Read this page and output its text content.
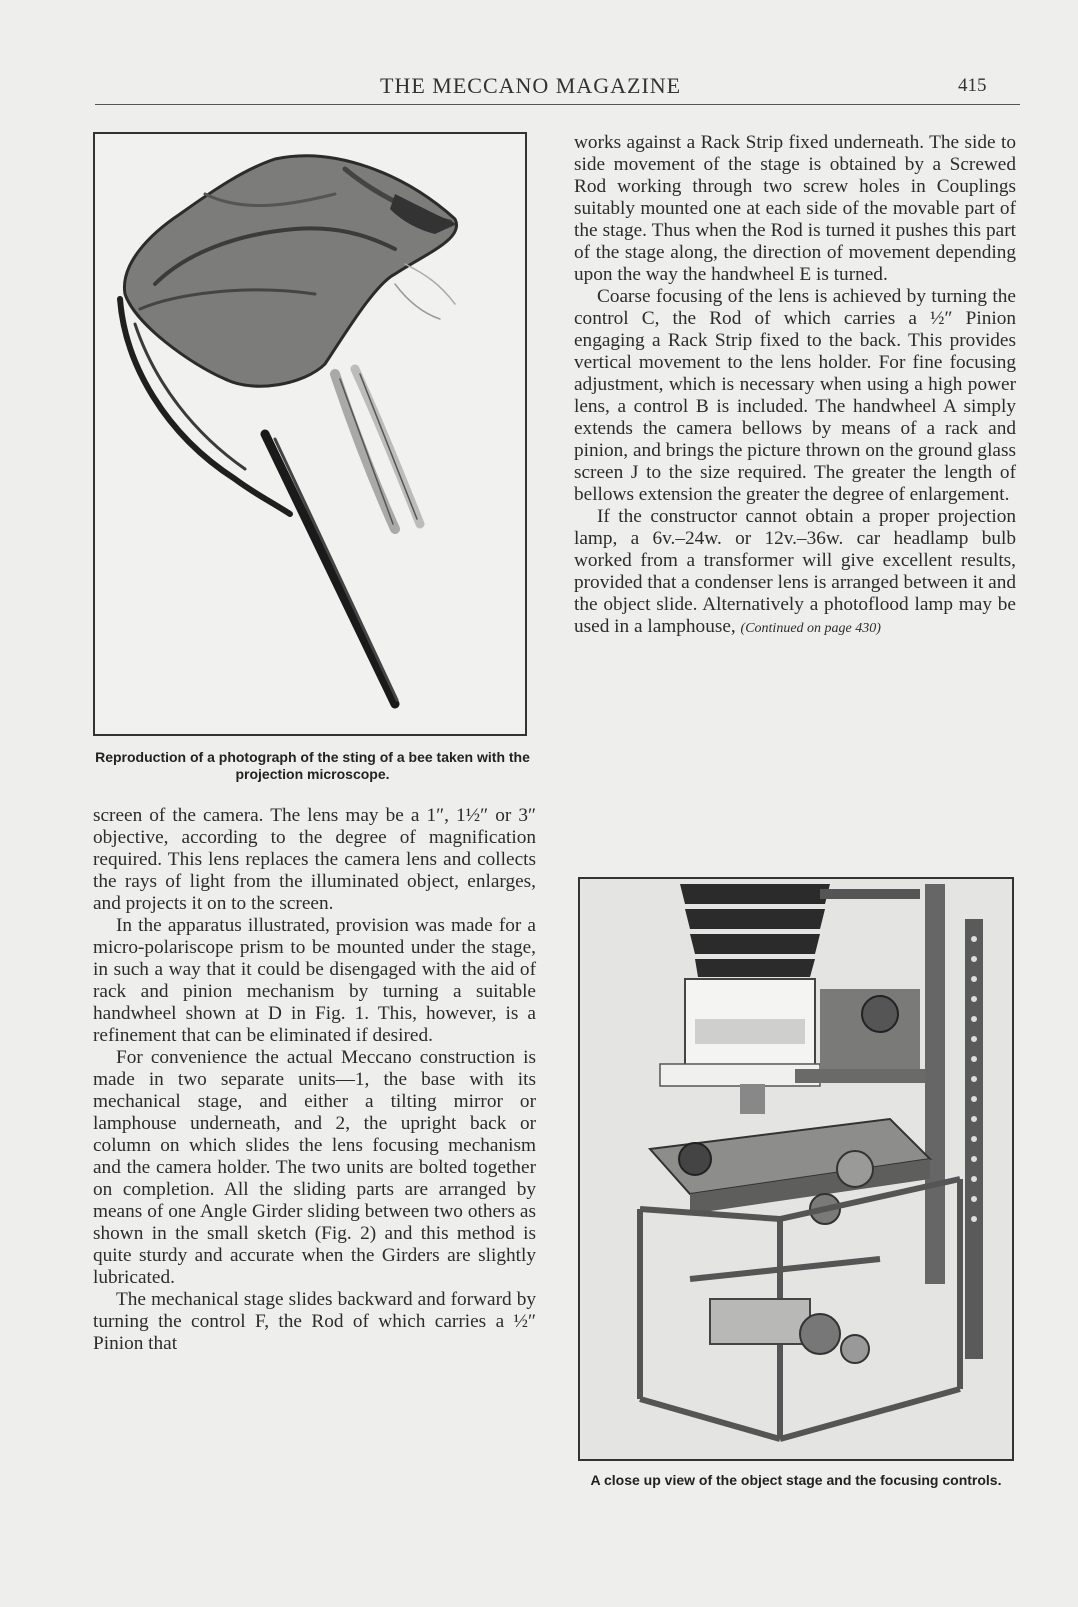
THE MECCANO MAGAZINE	415
Reproduction of a photograph of the sting of a bee taken with the projection microscope.

screen of the camera. The lens may be a 1″, 1½″ or 3″ objective, according to the degree of magnification required. This lens replaces the camera lens and collects the rays of light from the illuminated object, enlarges, and projects it on to the screen.

In the apparatus illustrated, provision was made for a micro-polariscope prism to be mounted under the stage, in such a way that it could be disengaged with the aid of rack and pinion mechanism by turning a suitable handwheel shown at D in Fig. 1. This, however, is a refinement that can be eliminated if desired.

For convenience the actual Meccano construction is made in two separate units—1, the base with its mechanical stage, and either a tilting mirror or lamphouse underneath, and 2, the upright back or column on which slides the lens focusing mechanism and the camera holder. The two units are bolted together on completion. All the sliding parts are arranged by means of one Angle Girder sliding between two others as shown in the small sketch (Fig. 2) and this method is quite sturdy and accurate when the Girders are slightly lubricated.

The mechanical stage slides backward and forward by turning the control F, the Rod of which carries a ½″ Pinion that

works against a Rack Strip fixed underneath. The side to side movement of the stage is obtained by a Screwed Rod working through two screw holes in Couplings suitably mounted one at each side of the movable part of the stage. Thus when the Rod is turned it pushes this part of the stage along, the direction of movement depending upon the way the handwheel E is turned.

Coarse focusing of the lens is achieved by turning the control C, the Rod of which carries a ½″ Pinion engaging a Rack Strip fixed to the back. This provides vertical movement to the lens holder. For fine focusing adjustment, which is necessary when using a high power lens, a control B is included. The handwheel A simply extends the camera bellows by means of a rack and pinion, and brings the picture thrown on the ground glass screen J to the size required. The greater the length of bellows extension the greater the degree of enlargement.

If the constructor cannot obtain a proper projection lamp, a 6v.–24w. or 12v.–36w. car headlamp bulb worked from a transformer will give excellent results, provided that a condenser lens is arranged between it and the object slide. Alternatively a photoflood lamp may be used in a lamphouse, (Continued on page 430)

A close up view of the object stage and the focusing controls.
